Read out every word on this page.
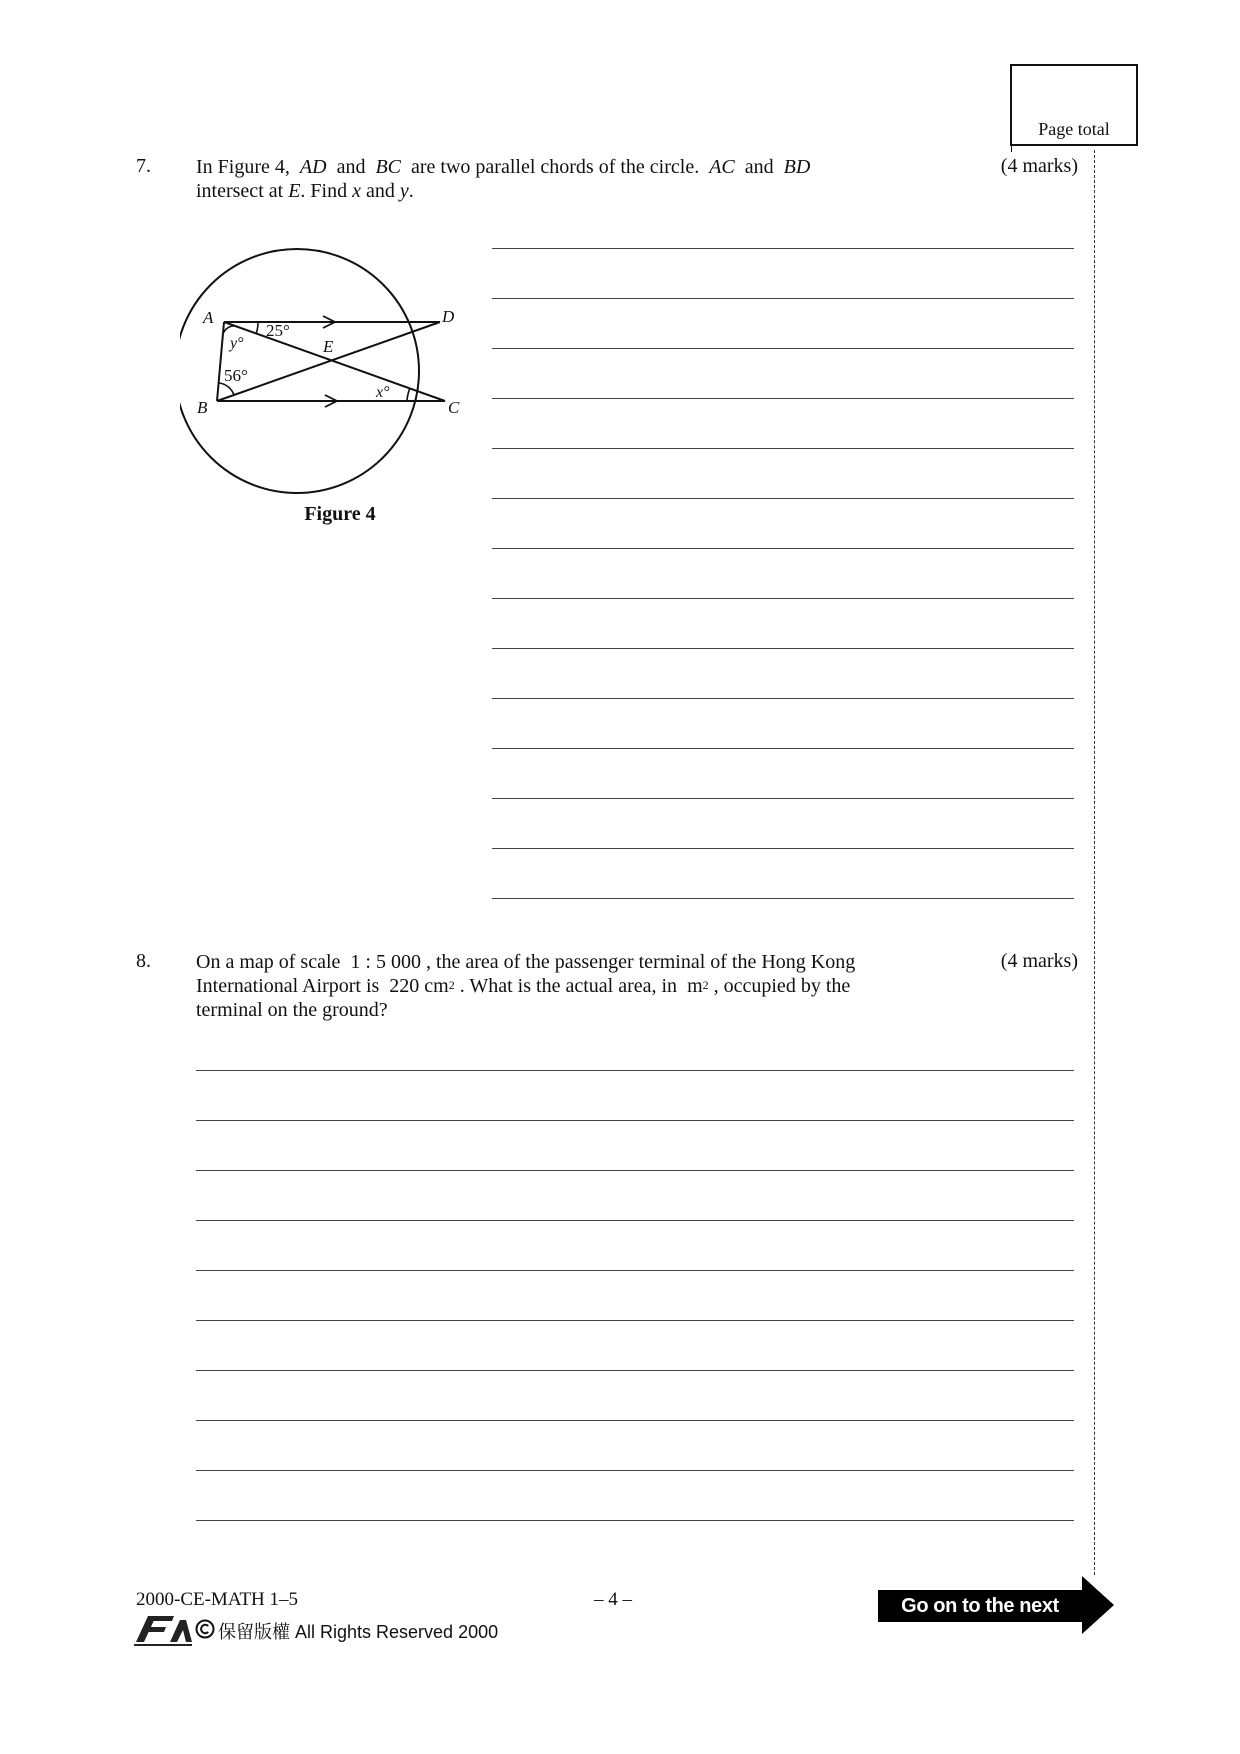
Page total
7. In Figure 4, AD and BC are two parallel chords of the circle. AC and BD
intersect at E. Find x and y.
(4 marks)
A
B	C
D
E
25°
y°
56°
x°
Figure 4
8. On a map of scale 1 : 5 000 , the area of the passenger terminal of the Hong Kong
International Airport is 220 $cm^2$ . What is the actual area, in $m^2$ , occupied by the
terminal on the ground?
(4 marks)
2000-CE-MATH 1–5	– 4 –
保留版權 All Rights Reserved 2000
Go on to the next page
